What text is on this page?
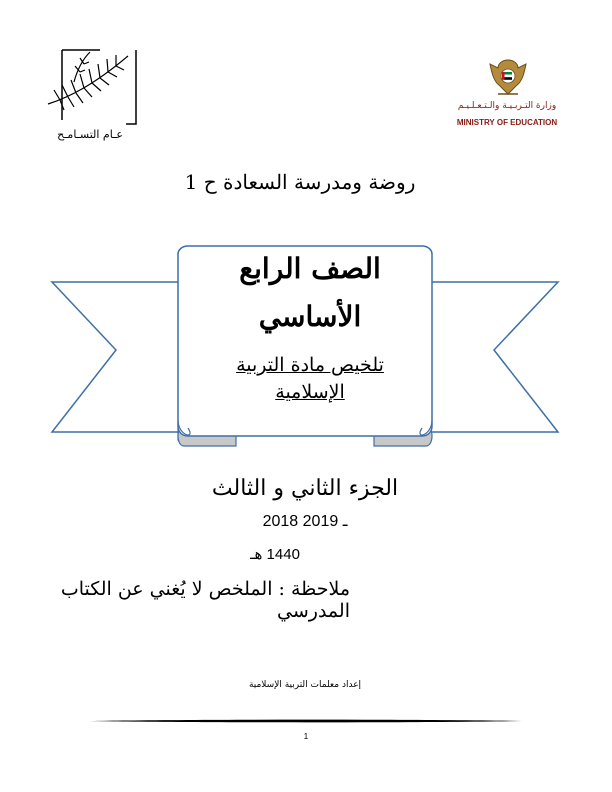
عـام التسـامـح
وزارة التـربـيـة والـتـعـلـيـم
MINISTRY OF EDUCATION
روضة ومدرسة السعادة ح 1
الصف الرابع
الأساسي
تلخيص مادة التربية
الإسلامية
الجزء الثاني و الثالث
2018 ـ 2019
1440 هـ
ملاحظة : الملخص لا يُغني عن الكتاب المدرسي
إعداد معلمات التربية الإسلامية
1
